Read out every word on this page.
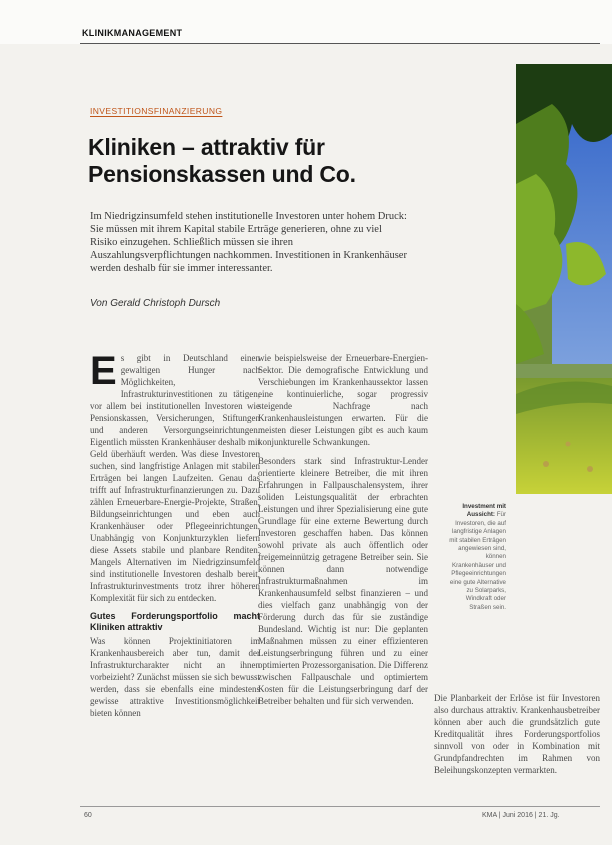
KLINIKMANAGEMENT
INVESTITIONSFINANZIERUNG
Kliniken – attraktiv für Pensionskassen und Co.
Im Niedrigzinsumfeld stehen institutionelle Investoren unter hohem Druck: Sie müssen mit ihrem Kapital stabile Erträge generieren, ohne zu viel Risiko einzugehen. Schließlich müssen sie ihren Auszahlungsverpflichtungen nachkommen. Investitionen in Krankenhäuser werden deshalb für sie immer interessanter.
Von Gerald Christoph Dursch

Es gibt in Deutschland einen gewaltigen Hunger nach Möglichkeiten, Infrastrukturinvestitionen zu tätigen, vor allem bei institutionellen Investoren wie Pensionskassen, Versicherungen, Stiftungen und anderen Versorgungseinrichtungen. Eigentlich müssten Krankenhäuser deshalb mit Geld überhäuft werden. Was diese Investoren suchen, sind langfristige Anlagen mit stabilen Erträgen bei langen Laufzeiten. Genau das trifft auf Infrastrukturfinanzierungen zu. Dazu zählen Erneuerbare-Energie-Projekte, Straßen, Bildungseinrichtungen und eben auch Krankenhäuser oder Pflegeeinrichtungen. Unabhängig von Konjunkturzyklen liefern diese Assets stabile und planbare Renditen. Mangels Alternativen im Niedrigzinsumfeld sind institutionelle Investoren deshalb bereit, Infrastrukturinvestments trotz ihrer höheren Komplexität für sich zu entdecken.

Gutes Forderungsportfolio macht Kliniken attraktiv

Was können Projektinitiatoren im Krankenhausbereich aber tun, damit der Infrastrukturcharakter nicht an ihnen vorbeizieht? Zunächst müssen sie sich bewusst werden, dass sie ebenfalls eine mindestens gewisse attraktive Investitionsmöglichkeit bieten können

wie beispielsweise der Erneuerbare-Energien-Sektor. Die demografische Entwicklung und Verschiebungen im Krankenhaussektor lassen eine kontinuierliche, sogar progressiv steigende Nachfrage nach Krankenhausleistungen erwarten. Für die meisten dieser Leistungen gibt es auch kaum konjunkturelle Schwankungen.

Besonders stark sind Infrastruktur-Lender orientierte kleinere Betreiber, die mit ihren Erfahrungen in Fallpauschalensystem, ihrer soliden Leistungsqualität der erbrachten Leistungen und ihrer Spezialisierung eine gute Grundlage für eine externe Bewertung durch Investoren geschaffen haben. Das können sowohl private als auch öffentlich oder freigemeinnützig getragene Betreiber sein. Sie können dann notwendige Infrastrukturmaßnahmen im Krankenhausumfeld selbst finanzieren – und dies vielfach ganz unabhängig von der Förderung durch das für sie zuständige Bundesland. Wichtig ist nur: Die geplanten Maßnahmen müssen zu einer effizienteren Leistungserbringung führen und zu einer optimierten Prozessorganisation. Die Differenz zwischen Fallpauschale und optimiertem Kosten für die Leistungserbringung darf der Betreiber behalten und für sich verwenden.

Investment mit Aussicht: Für Investoren, die auf langfristige Anlagen mit stabilen Erträgen angewiesen sind, können Krankenhäuser und Pflegeeinrichtungen eine gute Alternative zu Solarparks, Windkraft oder Straßen sein.
Die Planbarkeit der Erlöse ist für Investoren also durchaus attraktiv. Krankenhausbetreiber können aber auch die grundsätzlich gute Kreditqualität ihres Forderungsportfolios sinnvoll von oder in Kombination mit Grundpfandrechten im Rahmen von Beleihungskonzepten vermarkten.
60	KMA | Juni 2016 | 21. Jg.
